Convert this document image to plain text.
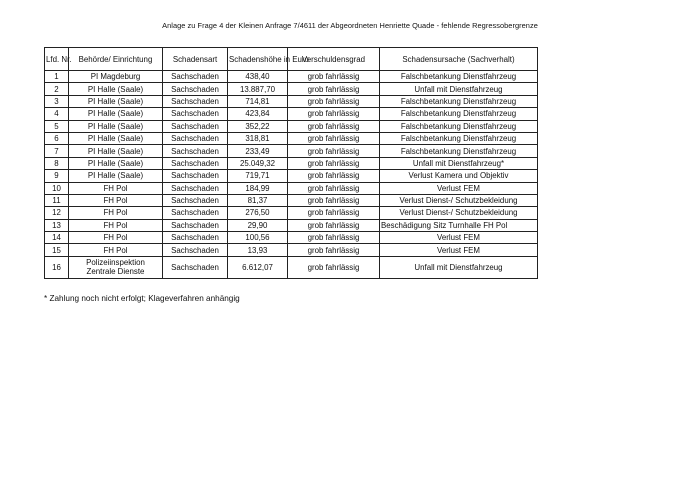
Anlage zu Frage 4 der Kleinen Anfrage 7/4611 der Abgeordneten Henriette Quade - fehlende Regressobergrenze
Lfd. Nr.	Behörde/ Einrichtung	Schadensart	Schadenshöhe in Euro	Verschuldensgrad	Schadensursache (Sachverhalt)
1	PI Magdeburg	Sachschaden	438,40	grob fahrlässig	Falschbetankung Dienstfahrzeug
2	PI Halle (Saale)	Sachschaden	13.887,70	grob fahrlässig	Unfall mit Dienstfahrzeug
3	PI Halle (Saale)	Sachschaden	714,81	grob fahrlässig	Falschbetankung Dienstfahrzeug
4	PI Halle (Saale)	Sachschaden	423,84	grob fahrlässig	Falschbetankung Dienstfahrzeug
5	PI Halle (Saale)	Sachschaden	352,22	grob fahrlässig	Falschbetankung Dienstfahrzeug
6	PI Halle (Saale)	Sachschaden	318,81	grob fahrlässig	Falschbetankung Dienstfahrzeug
7	PI Halle (Saale)	Sachschaden	233,49	grob fahrlässig	Falschbetankung Dienstfahrzeug
8	PI Halle (Saale)	Sachschaden	25.049,32	grob fahrlässig	Unfall mit Dienstfahrzeug*
9	PI Halle (Saale)	Sachschaden	719,71	grob fahrlässig	Verlust Kamera und Objektiv
10	FH Pol	Sachschaden	184,99	grob fahrlässig	Verlust FEM
11	FH Pol	Sachschaden	81,37	grob fahrlässig	Verlust Dienst-/ Schutzbekleidung
12	FH Pol	Sachschaden	276,50	grob fahrlässig	Verlust Dienst-/ Schutzbekleidung
13	FH Pol	Sachschaden	29,90	grob fahrlässig	Beschädigung Sitz Turnhalle FH Pol
14	FH Pol	Sachschaden	100,56	grob fahrlässig	Verlust FEM
15	FH Pol	Sachschaden	13,93	grob fahrlässig	Verlust FEM
16	Polizeiinspektion
Zentrale Dienste	Sachschaden	6.612,07	grob fahrlässig	Unfall mit Dienstfahrzeug
* Zahlung noch nicht erfolgt; Klageverfahren anhängig
